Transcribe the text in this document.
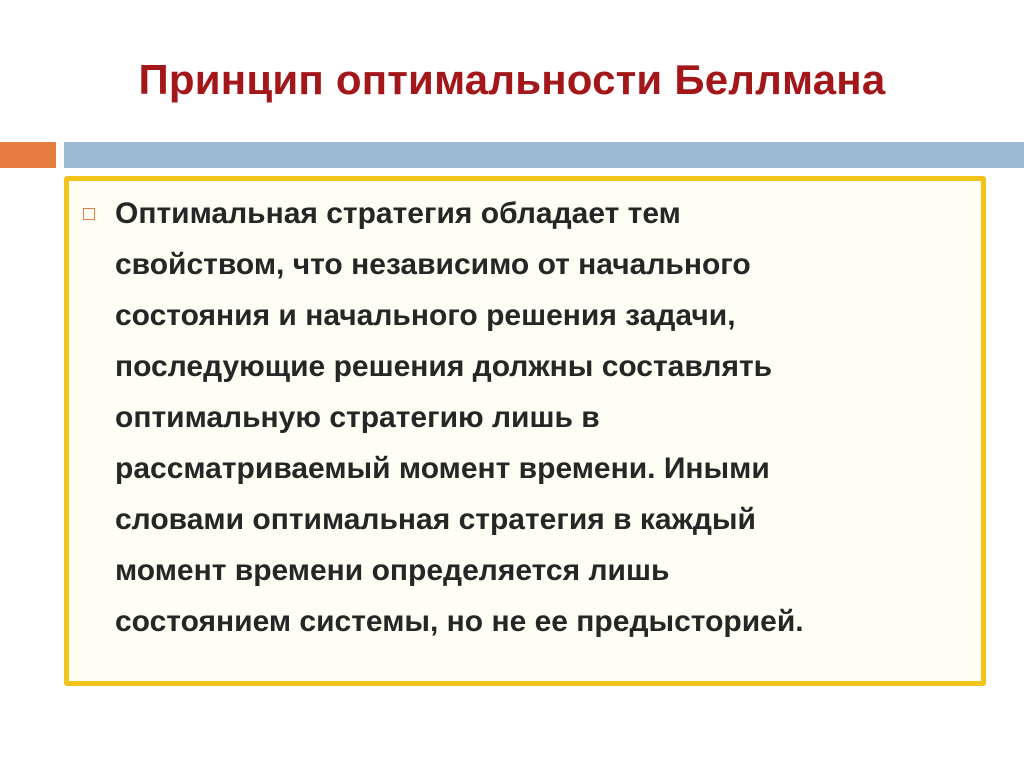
Принцип оптимальности Беллмана

Оптимальная стратегия обладает тем
свойством, что независимо от начального
состояния и начального решения задачи,
последующие решения должны составлять
оптимальную стратегию лишь в
рассматриваемый момент времени. Иными
словами оптимальная стратегия в каждый
момент времени определяется лишь
состоянием системы, но не ее предысторией.
